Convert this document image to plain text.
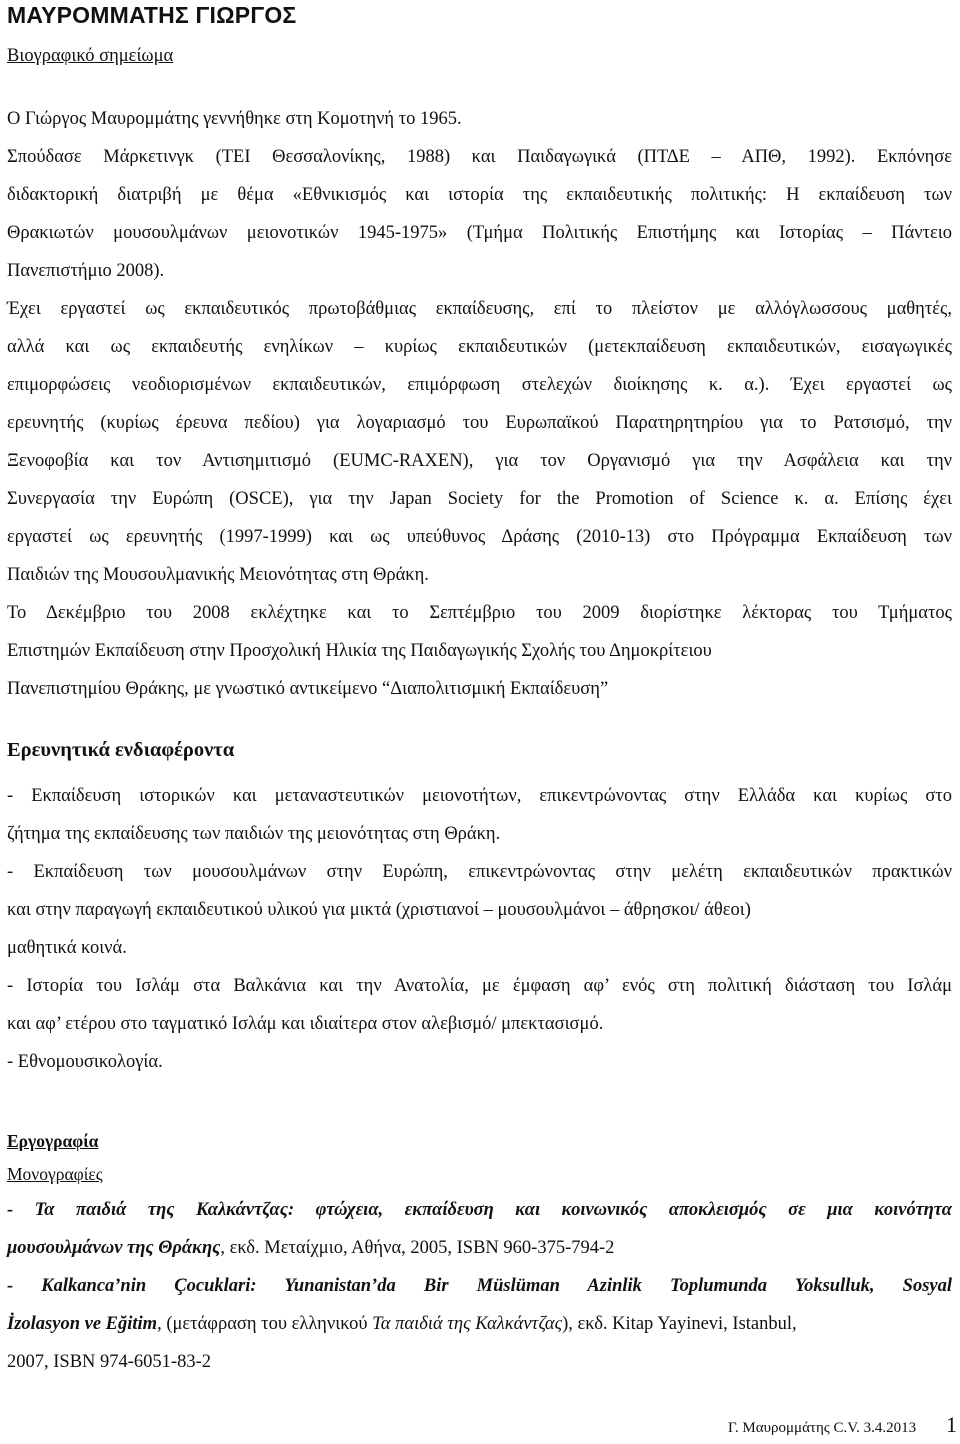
ΜΑΥΡΟΜΜΑΤΗΣ ΓΙΩΡΓΟΣ
Βιογραφικό σημείωμα
Ο Γιώργος Μαυρομμάτης γεννήθηκε στη Κομοτηνή το 1965.
Σπούδασε Μάρκετινγκ (ΤΕΙ Θεσσαλονίκης, 1988) και Παιδαγωγικά (ΠΤΔΕ – ΑΠΘ, 1992). Εκπόνησε
διδακτορική διατριβή με θέμα «Εθνικισμός και ιστορία της εκπαιδευτικής πολιτικής: Η εκπαίδευση των
Θρακιωτών μουσουλμάνων μειονοτικών 1945-1975» (Τμήμα Πολιτικής Επιστήμης και Ιστορίας – Πάντειο
Πανεπιστήμιο 2008).
Έχει εργαστεί ως εκπαιδευτικός πρωτοβάθμιας εκπαίδευσης, επί το πλείστον με αλλόγλωσσους μαθητές,
αλλά και ως εκπαιδευτής ενηλίκων – κυρίως εκπαιδευτικών (μετεκπαίδευση εκπαιδευτικών, εισαγωγικές
επιμορφώσεις νεοδιορισμένων εκπαιδευτικών, επιμόρφωση στελεχών διοίκησης κ. α.). Έχει εργαστεί ως
ερευνητής (κυρίως έρευνα πεδίου) για λογαριασμό του Ευρωπαϊκού Παρατηρητηρίου για το Ρατσισμό, την
Ξενοφοβία και τον Αντισημιτισμό (EUMC-RAXEN), για τον Οργανισμό για την Ασφάλεια και την
Συνεργασία την Ευρώπη (OSCE), για την Japan Society for the Promotion of Science κ. α. Επίσης έχει
εργαστεί ως ερευνητής (1997-1999) και ως υπεύθυνος Δράσης (2010-13) στο Πρόγραμμα Εκπαίδευση των
Παιδιών της Μουσουλμανικής Μειονότητας στη Θράκη.
Το Δεκέμβριο του 2008 εκλέχτηκε και το Σεπτέμβριο του 2009 διορίστηκε λέκτορας του Τμήματος
Επιστημών Εκπαίδευση στην Προσχολική Ηλικία της Παιδαγωγικής Σχολής του Δημοκρίτειου
Πανεπιστημίου Θράκης, με γνωστικό αντικείμενο “Διαπολιτισμική Εκπαίδευση”
Ερευνητικά ενδιαφέροντα
- Εκπαίδευση ιστορικών και μεταναστευτικών μειονοτήτων, επικεντρώνοντας στην Ελλάδα και κυρίως στο
ζήτημα της εκπαίδευσης των παιδιών της μειονότητας στη Θράκη.
- Εκπαίδευση των μουσουλμάνων στην Ευρώπη, επικεντρώνοντας στην μελέτη εκπαιδευτικών πρακτικών
και στην παραγωγή εκπαιδευτικού υλικού για μικτά (χριστιανοί – μουσουλμάνοι – άθρησκοι/ άθεοι)
μαθητικά κοινά.
- Ιστορία του Ισλάμ στα Βαλκάνια και την Ανατολία, με έμφαση αφ’ ενός στη πολιτική διάσταση του Ισλάμ
και αφ’ ετέρου στο ταγματικό Ισλάμ και ιδιαίτερα στον αλεβισμό/ μπεκτασισμό.
- Εθνομουσικολογία.
Εργογραφία
Μονογραφίες
- Τα παιδιά της Καλκάντζας: φτώχεια, εκπαίδευση και κοινωνικός αποκλεισμός σε μια κοινότητα
μουσουλμάνων της Θράκης, εκδ. Μεταίχμιο, Αθήνα, 2005, ISBN 960-375-794-2
- Kalkanca’nin Çocuklari: Yunanistan’da Bir Müslüman Azinlik Toplumunda Yoksulluk, Sosyal
İzolasyon ve Eğitim, (μετάφραση του ελληνικού Τα παιδιά της Καλκάντζας), εκδ. Kitap Yayinevi, Istanbul,
2007, ISBN 974-6051-83-2
Γ. Μαυρομμάτης C.V. 3.4.2013 1
